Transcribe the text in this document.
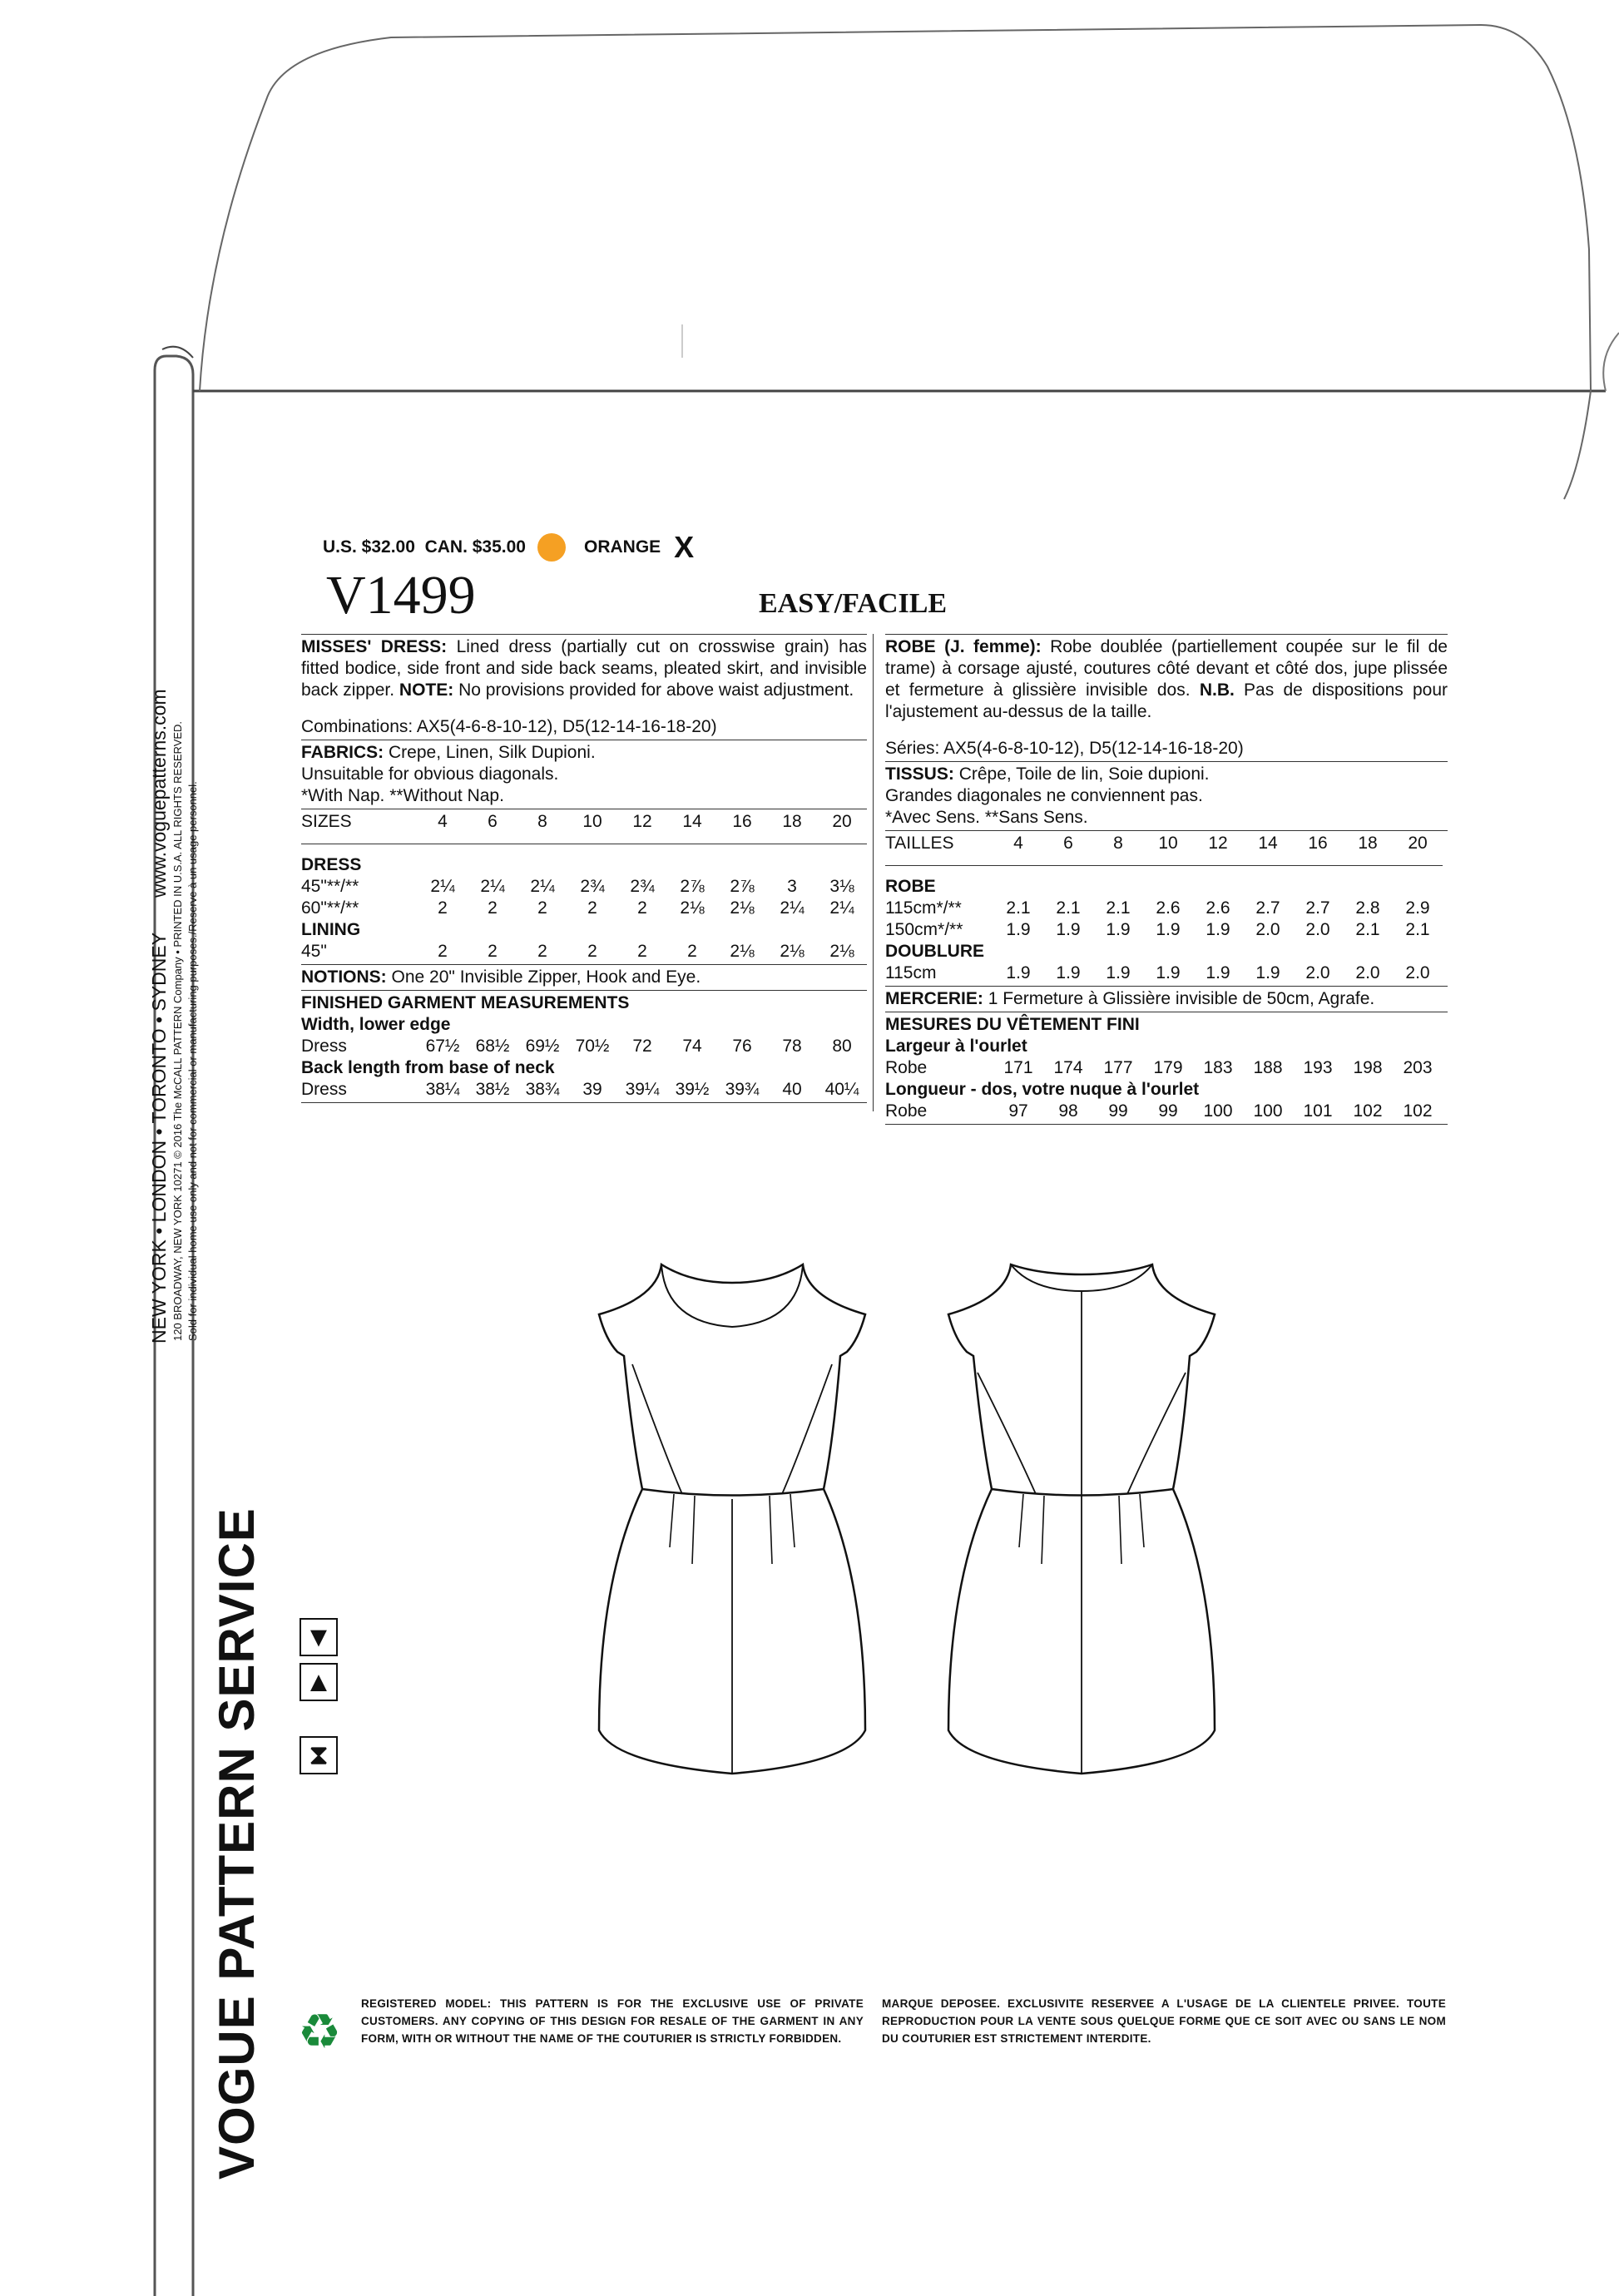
VOGUE PATTERN SERVICE
NEW YORK • LONDON • TORONTO • SYDNEYwww.voguepatterns.com 120 BROADWAY, NEW YORK 10271 © 2016 The McCALL PATTERN Company • PRINTED IN U.S.A. ALL RIGHTS RESERVED. Sold for individual home use only and not for commercial or manufacturing purposes./Reserve à un usage personnel.
U.S. $32.00
CAN. $35.00	ORANGE X
V1499	EASY/FACILE
MISSES' DRESS: Lined dress (partially cut on crosswise grain) has fitted bodice, side front and side back seams, pleated skirt, and invisible back zipper. NOTE: No provisions provided for above waist adjustment.
Combinations: AX5(4-6-8-10-12), D5(12-14-16-18-20)
FABRICS: Crepe, Linen, Silk Dupioni.
Unsuitable for obvious diagonals.
*With Nap. **Without Nap.
SIZES	4	6	8	10	12	14	16	18	20

DRESS									
45"**/**	2¼	2¼	2¼	2¾	2¾	2⅞	2⅞	3	3⅛
60"**/**	2	2	2	2	2	2⅛	2⅛	2¼	2¼
LINING									
45"	2	2	2	2	2	2	2⅛	2⅛	2⅛
NOTIONS: One 20" Invisible Zipper, Hook and Eye.
FINISHED GARMENT MEASUREMENTS
Width, lower edge
Dress	67½	68½	69½	70½	72	74	76	78	80
Back length from base of neck
Dress	38¼	38½	38¾	39	39¼	39½	39¾	40	40¼
ROBE (J. femme): Robe doublée (partiellement coupée sur le fil de trame) à corsage ajusté, coutures côté devant et côté dos, jupe plissée et fermeture à glissière invisible dos. N.B. Pas de dispositions pour l'ajustement au-dessus de la taille.
Séries: AX5(4-6-8-10-12), D5(12-14-16-18-20)
TISSUS: Crêpe, Toile de lin, Soie dupioni.
Grandes diagonales ne conviennent pas.
*Avec Sens. **Sans Sens.
TAILLES	4	6	8	10	12	14	16	18	20

ROBE									
115cm*/**	2.1	2.1	2.1	2.6	2.6	2.7	2.7	2.8	2.9
150cm*/**	1.9	1.9	1.9	1.9	1.9	2.0	2.0	2.1	2.1
DOUBLURE									
115cm	1.9	1.9	1.9	1.9	1.9	1.9	2.0	2.0	2.0
MERCERIE: 1 Fermeture à Glissière invisible de 50cm, Agrafe.
MESURES DU VÊTEMENT FINI
Largeur à l'ourlet
Robe	171	174	177	179	183	188	193	198	203
Longueur - dos, votre nuque à l'ourlet
Robe	97	98	99	99	100	100	101	102	102
▼
▲
⧗
♻
REGISTERED MODEL: THIS PATTERN IS FOR THE EXCLUSIVE USE OF PRIVATE CUSTOMERS. ANY COPYING OF THIS DESIGN FOR RESALE OF THE GARMENT IN ANY FORM, WITH OR WITHOUT THE NAME OF THE COUTURIER IS STRICTLY FORBIDDEN.
MARQUE DEPOSEE. EXCLUSIVITE RESERVEE A L'USAGE DE LA CLIENTELE PRIVEE. TOUTE REPRODUCTION POUR LA VENTE SOUS QUELQUE FORME QUE CE SOIT AVEC OU SANS LE NOM DU COUTURIER EST STRICTEMENT INTERDITE.
